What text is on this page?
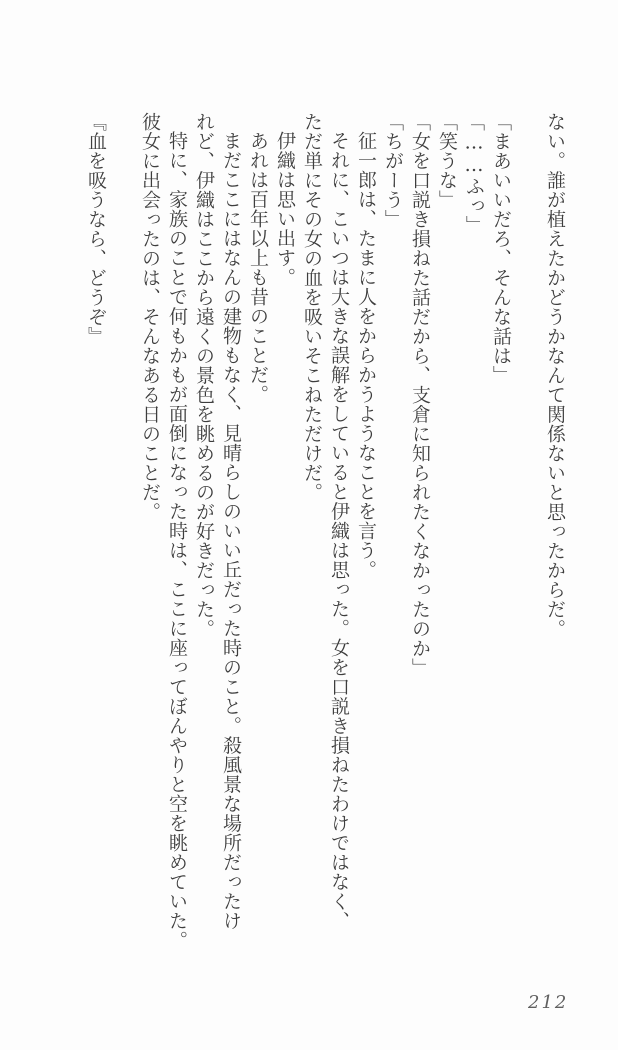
ない。誰が植えたかどうかなんて関係ないと思ったからだ。

「まあいいだろ、そんな話は」

「……ふっ」

「笑うな」

「女を口説き損ねた話だから、支倉に知られたくなかったのか」

「ちがーう」

征一郎は、たまに人をからかうようなことを言う。

それに、こいつは大きな誤解をしていると伊織は思った。女を口説き損ねたわけではなく、

ただ単にその女の血を吸いそこねただけだ。

伊織は思い出す。

あれは百年以上も昔のことだ。

まだここにはなんの建物もなく、見晴らしのいい丘だった時のこと。殺風景な場所だったけ

れど、伊織はここから遠くの景色を眺めるのが好きだった。

特に、家族のことで何もかもが面倒になった時は、ここに座ってぼんやりと空を眺めていた。

彼女に出会ったのは、そんなある日のことだ。

『血を吸うなら、どうぞ』

212
